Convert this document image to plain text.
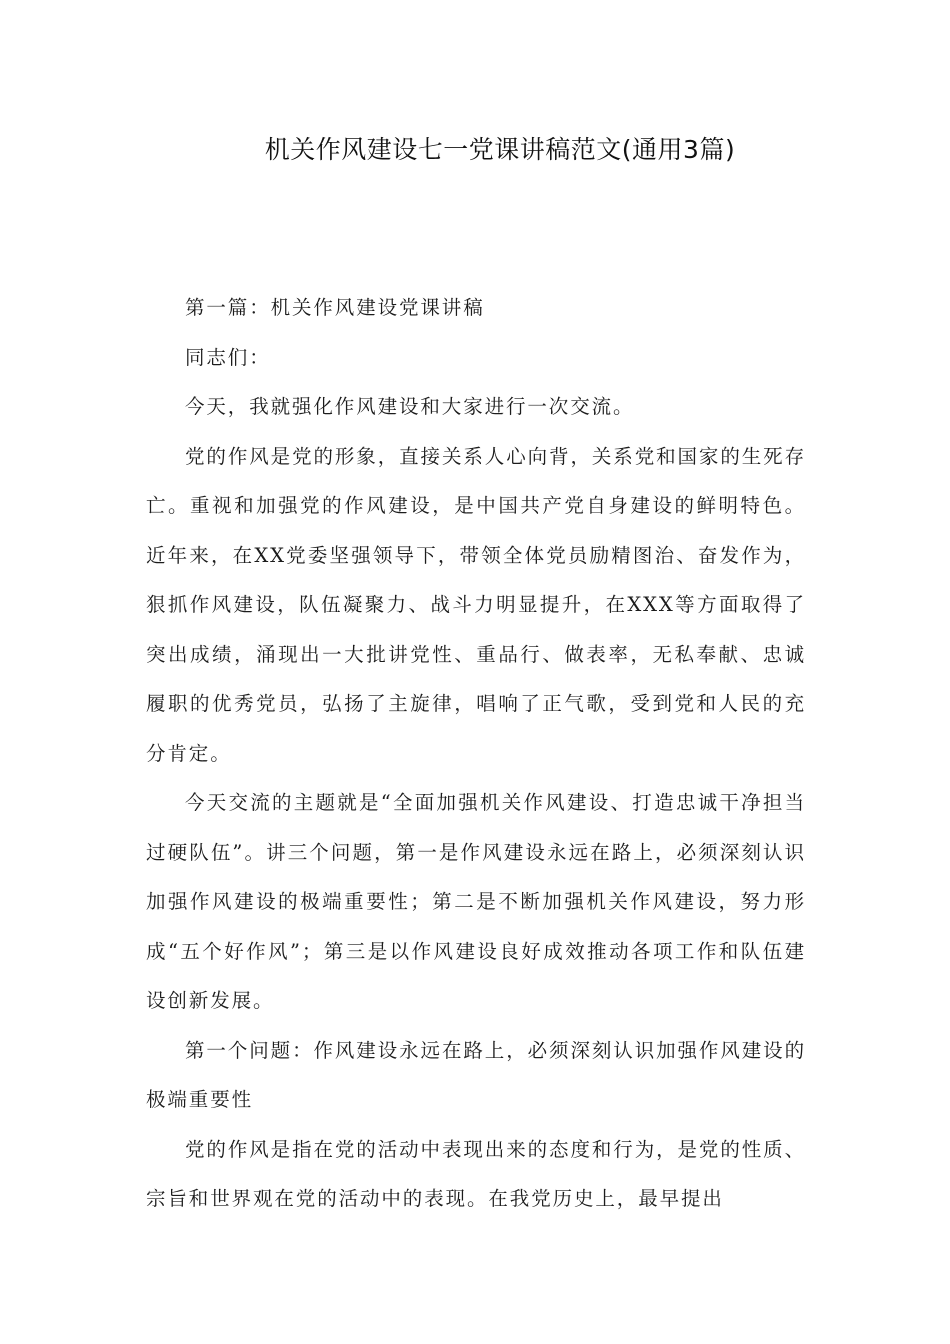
机关作风建设七一党课讲稿范文(通用3篇)

第一篇：机关作风建设党课讲稿

同志们：

今天，我就强化作风建设和大家进行一次交流。

党的作风是党的形象，直接关系人心向背，关系党和国家的生死存亡。重视和加强党的作风建设，是中国共产党自身建设的鲜明特色。近年来，在XX党委坚强领导下，带领全体党员励精图治、奋发作为，狠抓作风建设，队伍凝聚力、战斗力明显提升，在XXX等方面取得了突出成绩，涌现出一大批讲党性、重品行、做表率，无私奉献、忠诚履职的优秀党员，弘扬了主旋律，唱响了正气歌，受到党和人民的充分肯定。

今天交流的主题就是“全面加强机关作风建设、打造忠诚干净担当过硬队伍”。讲三个问题，第一是作风建设永远在路上，必须深刻认识加强作风建设的极端重要性；第二是不断加强机关作风建设，努力形成“五个好作风”；第三是以作风建设良好成效推动各项工作和队伍建设创新发展。

第一个问题：作风建设永远在路上，必须深刻认识加强作风建设的极端重要性

党的作风是指在党的活动中表现出来的态度和行为，是党的性质、宗旨和世界观在党的活动中的表现。在我党历史上，最早提出
